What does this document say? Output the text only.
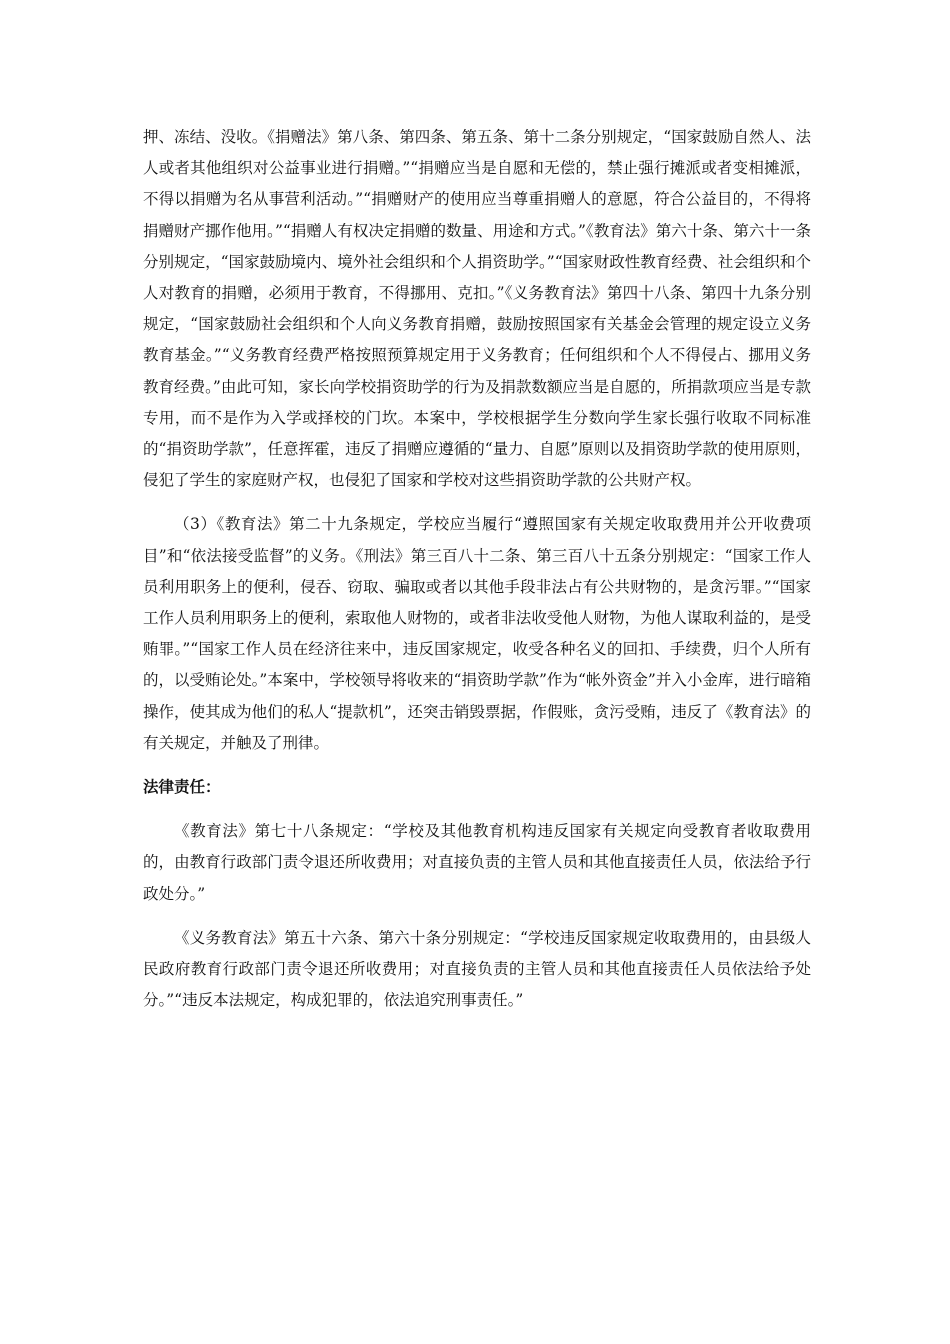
押、冻结、没收。《捐赠法》第八条、第四条、第五条、第十二条分别规定，“国家鼓励自然人、法人或者其他组织对公益事业进行捐赠。”“捐赠应当是自愿和无偿的，禁止强行摊派或者变相摊派，不得以捐赠为名从事营利活动。”“捐赠财产的使用应当尊重捐赠人的意愿，符合公益目的，不得将捐赠财产挪作他用。”“捐赠人有权决定捐赠的数量、用途和方式。”《教育法》第六十条、第六十一条分别规定，“国家鼓励境内、境外社会组织和个人捐资助学。”“国家财政性教育经费、社会组织和个人对教育的捐赠，必须用于教育，不得挪用、克扣。”《义务教育法》第四十八条、第四十九条分别规定，“国家鼓励社会组织和个人向义务教育捐赠，鼓励按照国家有关基金会管理的规定设立义务教育基金。”“义务教育经费严格按照预算规定用于义务教育；任何组织和个人不得侵占、挪用义务教育经费。”由此可知，家长向学校捐资助学的行为及捐款数额应当是自愿的，所捐款项应当是专款专用，而不是作为入学或择校的门坎。本案中，学校根据学生分数向学生家长强行收取不同标准的“捐资助学款”，任意挥霍，违反了捐赠应遵循的“量力、自愿”原则以及捐资助学款的使用原则，侵犯了学生的家庭财产权，也侵犯了国家和学校对这些捐资助学款的公共财产权。

（3）《教育法》第二十九条规定，学校应当履行“遵照国家有关规定收取费用并公开收费项目”和“依法接受监督”的义务。《刑法》第三百八十二条、第三百八十五条分别规定：“国家工作人员利用职务上的便利，侵吞、窃取、骗取或者以其他手段非法占有公共财物的，是贪污罪。”“国家工作人员利用职务上的便利，索取他人财物的，或者非法收受他人财物，为他人谋取利益的，是受贿罪。”“国家工作人员在经济往来中，违反国家规定，收受各种名义的回扣、手续费，归个人所有的，以受贿论处。”本案中，学校领导将收来的“捐资助学款”作为“帐外资金”并入小金库，进行暗箱操作，使其成为他们的私人“提款机”，还突击销毁票据，作假账，贪污受贿，违反了《教育法》的有关规定，并触及了刑律。

法律责任：

《教育法》第七十八条规定：“学校及其他教育机构违反国家有关规定向受教育者收取费用的，由教育行政部门责令退还所收费用；对直接负责的主管人员和其他直接责任人员，依法给予行政处分。”

《义务教育法》第五十六条、第六十条分别规定：“学校违反国家规定收取费用的，由县级人民政府教育行政部门责令退还所收费用；对直接负责的主管人员和其他直接责任人员依法给予处分。”“违反本法规定，构成犯罪的，依法追究刑事责任。”
